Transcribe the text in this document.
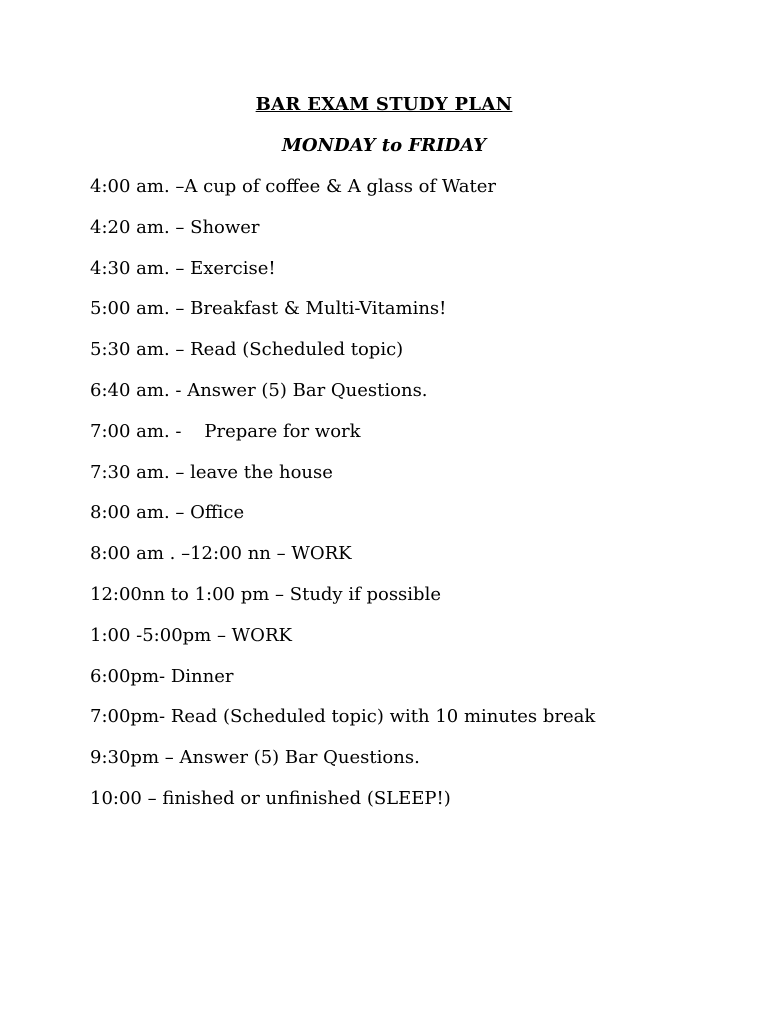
BAR EXAM STUDY PLAN
MONDAY to FRIDAY
4:00 am. –A cup of coffee & A glass of Water
4:20 am. – Shower
4:30 am. – Exercise!
5:00 am. – Breakfast & Multi-Vitamins!
5:30 am. – Read (Scheduled topic)
6:40 am. - Answer (5) Bar Questions.
7:00 am. -    Prepare for work
7:30 am. – leave the house
8:00 am. – Office
8:00 am . –12:00 nn – WORK
12:00nn to 1:00 pm – Study if possible
1:00 -5:00pm – WORK
6:00pm- Dinner
7:00pm- Read (Scheduled topic) with 10 minutes break
9:30pm – Answer (5) Bar Questions.
10:00 – finished or unfinished (SLEEP!)
